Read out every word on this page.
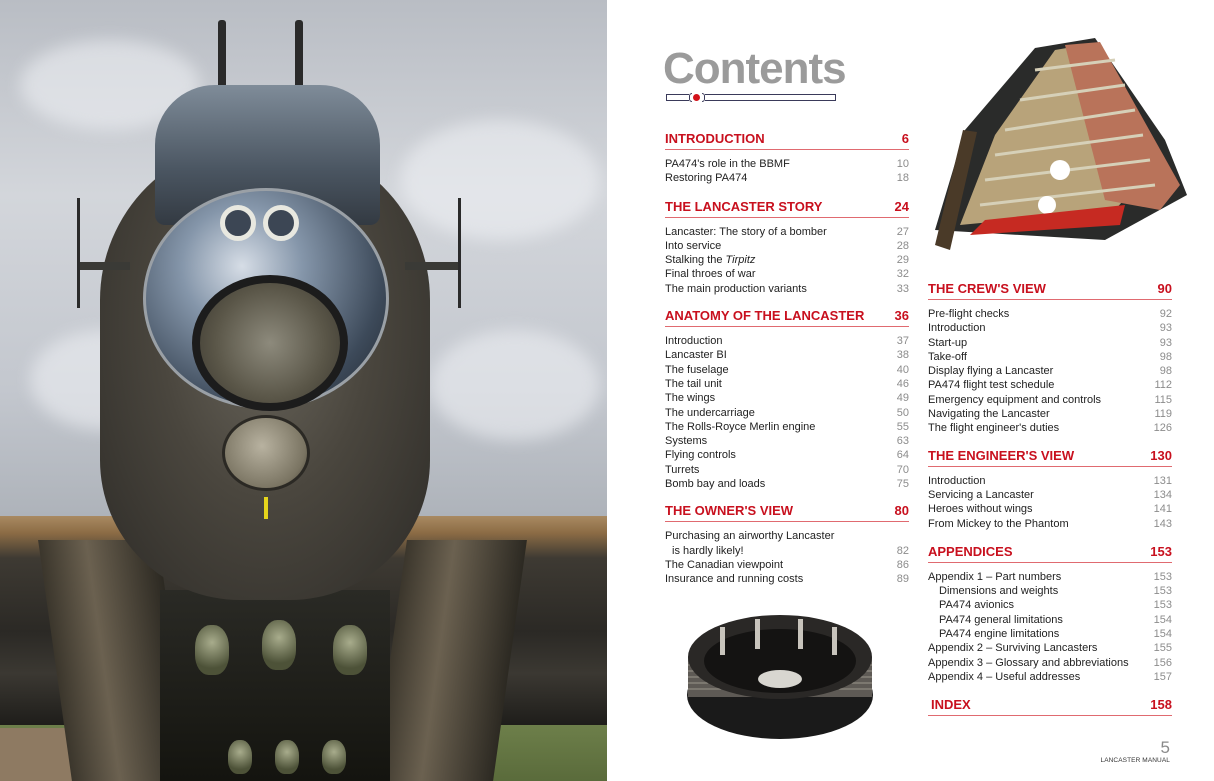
Contents
INTRODUCTION	6
PA474's role in the BBMF	10
Restoring PA474	18
THE LANCASTER STORY	24
Lancaster: The story of a bomber	27
Into service	28
Stalking the Tirpitz	29
Final throes of war	32
The main production variants	33
ANATOMY OF THE LANCASTER 36
Introduction	37
Lancaster BI	38
The fuselage	40
The tail unit	46
The wings	49
The undercarriage	50
The Rolls-Royce Merlin engine	55
Systems	63
Flying controls	64
Turrets	70
Bomb bay and loads	75
THE OWNER'S VIEW	80
Purchasing an airworthy Lancaster
is hardly likely!	82
The Canadian viewpoint	86
Insurance and running costs	89
THE CREW'S VIEW	90
Pre-flight checks	92
Introduction	93
Start-up	93
Take-off	98
Display flying a Lancaster	98
PA474 flight test schedule	112
Emergency equipment and controls	115
Navigating the Lancaster	119
The flight engineer's duties	126
THE ENGINEER'S VIEW	130
Introduction	131
Servicing a Lancaster	134
Heroes without wings	141
From Mickey to the Phantom	143
APPENDICES	153
Appendix 1 – Part numbers	153
Dimensions and weights	153
PA474 avionics	153
PA474 general limitations	154
PA474 engine limitations	154
Appendix 2 – Surviving Lancasters	155
Appendix 3 – Glossary and abbreviations 156
Appendix 4 – Useful addresses	157
INDEX	158
5
LANCASTER MANUAL
